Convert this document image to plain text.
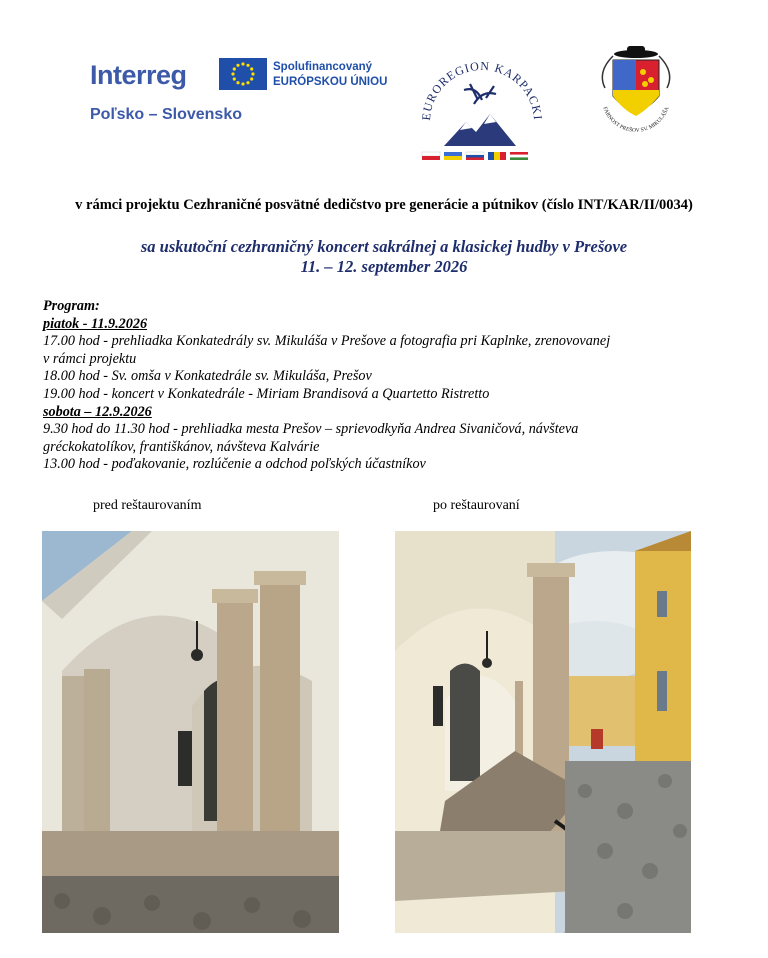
Interreg	Spolufinancovaný
EURÓPSKOU ÚNIOU
Poľsko – Slovensko	EUROREGION KARPACKI
FARNOST PREŠOV SV. MIKULÁŠA
v rámci projektu Cezhraničné posvätné dedičstvo pre generácie a pútnikov (číslo INT/KAR/II/0034)
sa uskutoční cezhraničný koncert sakrálnej a klasickej hudby v Prešove
11. – 12. september 2026
Program:
piatok - 11.9.2026
17.00 hod - prehliadka Konkatedrály sv. Mikuláša v Prešove a fotografia pri Kaplnke, zrenovovanej
v rámci projektu
18.00 hod - Sv. omša v Konkatedrále sv. Mikuláša, Prešov
19.00 hod - koncert v Konkatedrále - Miriam Brandisová a Quartetto Ristretto
sobota – 12.9.2026
9.30 hod do 11.30 hod - prehliadka mesta Prešov – sprievodkyňa Andrea Sivaničová, návšteva
gréckokatolíkov, františkánov, návšteva Kalvárie
13.00 hod - poďakovanie, rozlúčenie a odchod poľských účastníkov
pred reštaurovaním	po reštaurovaní
